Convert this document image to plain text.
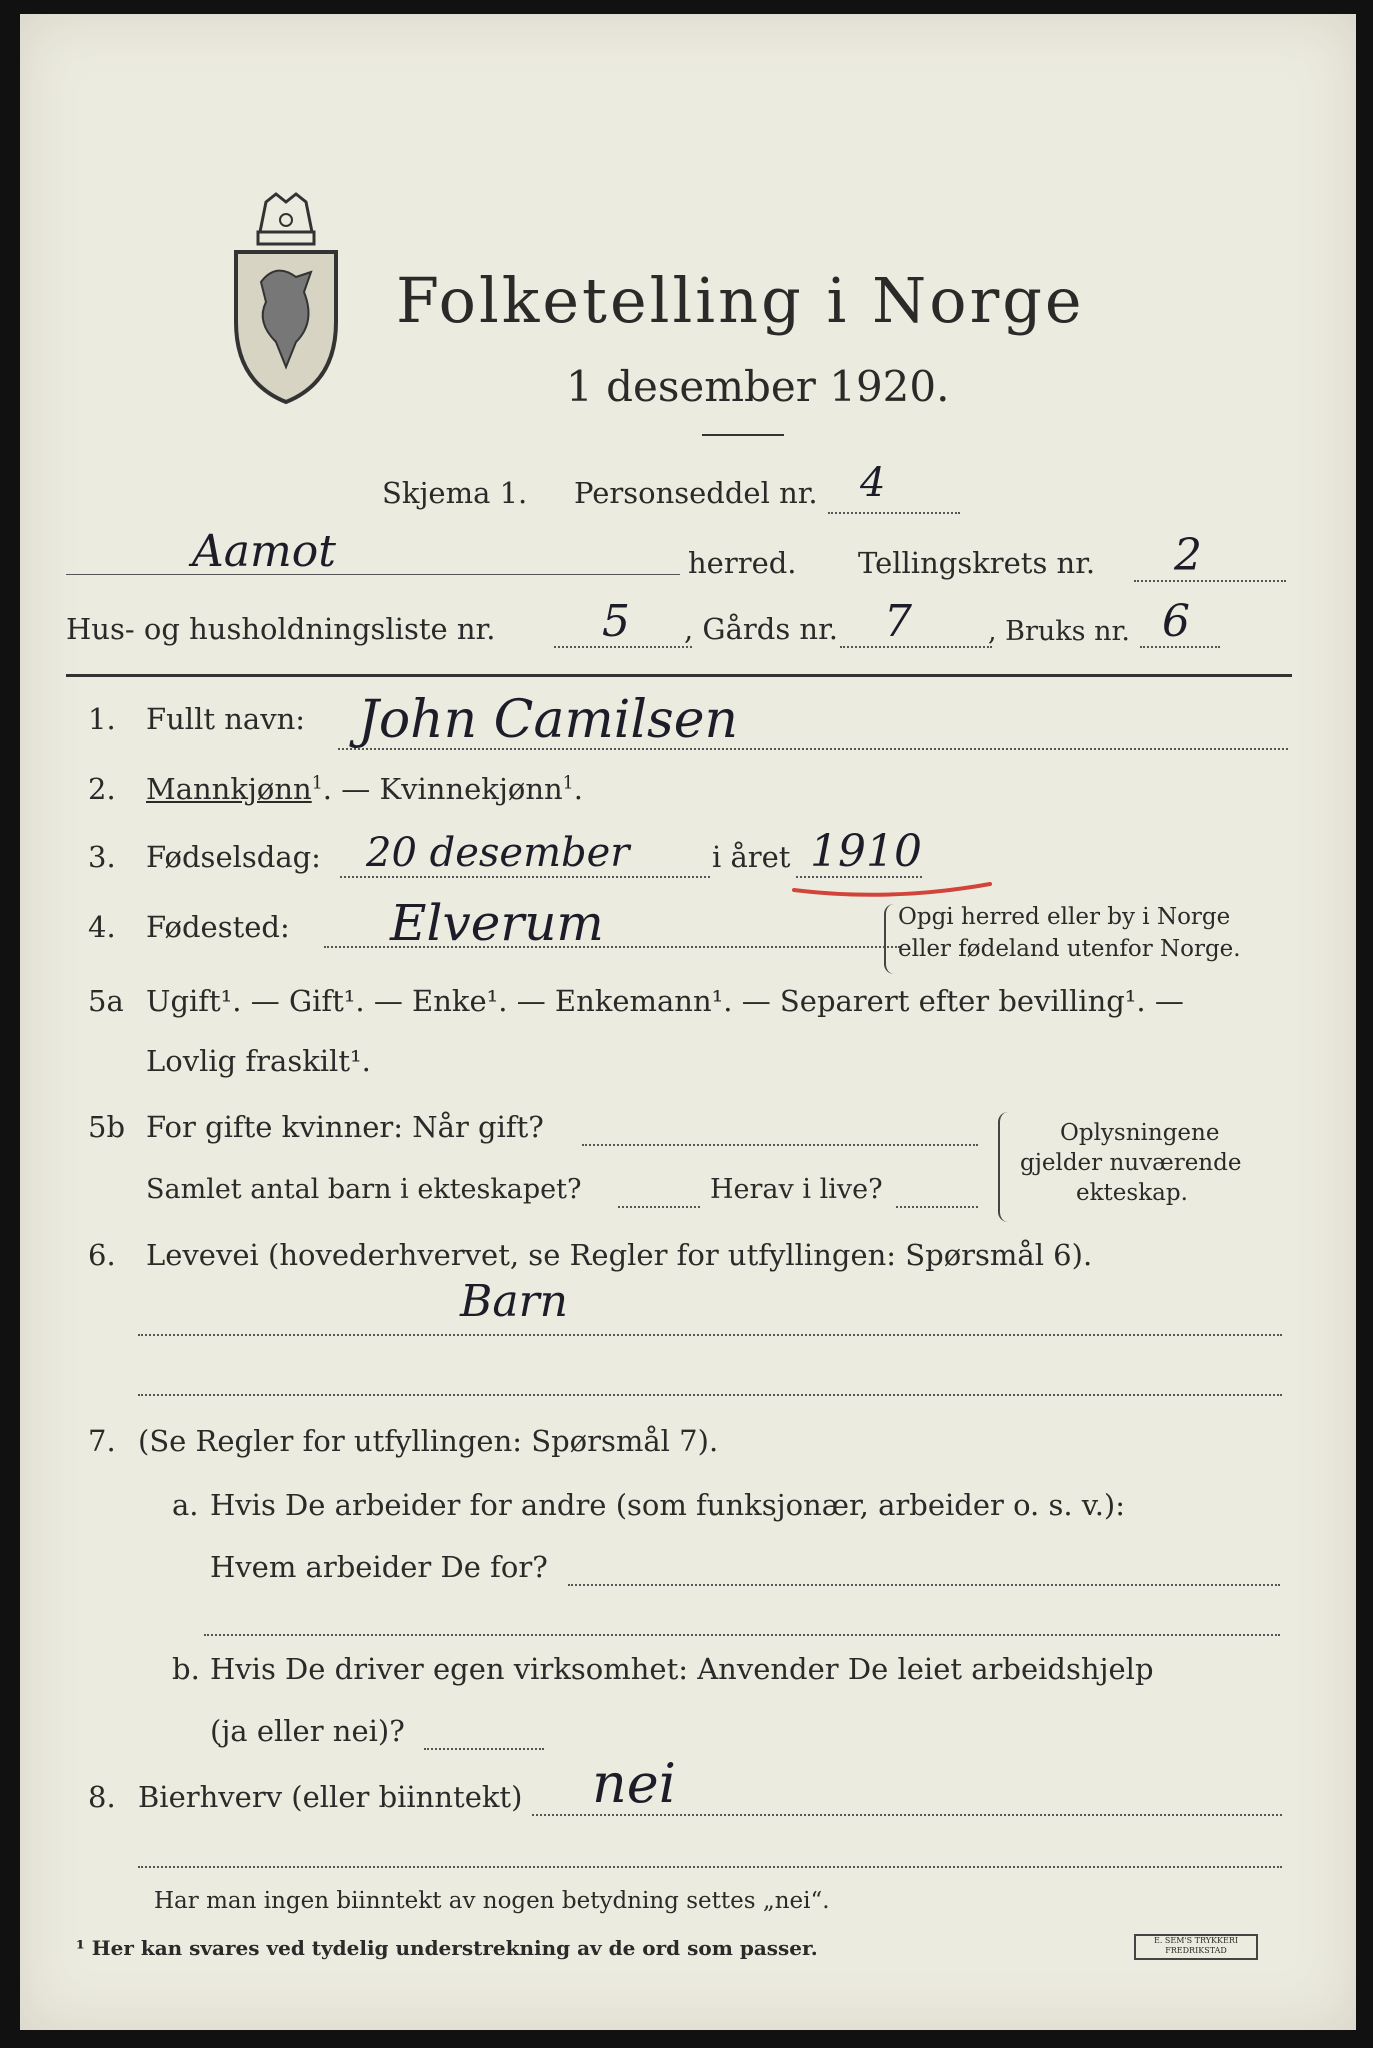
Folketelling i Norge
1 desember 1920.
Skjema 1. Personseddel nr. 4
Aamot	herred. Tellingskrets nr. 2
Hus- og husholdningsliste nr. 5 , Gårds nr. 7	, Bruks nr. 6
1. Fullt navn: John Camilsen
2. Mannkjønn$^1$. — Kvinnekjønn$^1$.
3. Fødselsdag: 20 desember	i året 1910
4. Fødested: Elverum	Opgi herred eller by i Norge
eller fødeland utenfor Norge.
5a Ugift¹. — Gift¹. — Enke¹. — Enkemann¹. — Separert efter bevilling¹. —
Lovlig fraskilt¹.
5b For gifte kvinner: Når gift?
Samlet antal barn i ekteskapet?	Herav i live?
Oplysningene
gjelder nuværende
ekteskap.
6. Levevei (hovederhvervet, se Regler for utfyllingen: Spørsmål 6).
Barn
7. (Se Regler for utfyllingen: Spørsmål 7).
a. Hvis De arbeider for andre (som funksjonær, arbeider o. s. v.):
Hvem arbeider De for?
b. Hvis De driver egen virksomhet: Anvender De leiet arbeidshjelp
(ja eller nei)?
8. Bierhverv (eller biinntekt) nei
Har man ingen biinntekt av nogen betydning settes „nei“.
¹ Her kan svares ved tydelig understrekning av de ord som passer.	E. SEM'S TRYKKERI FREDRIKSTAD
